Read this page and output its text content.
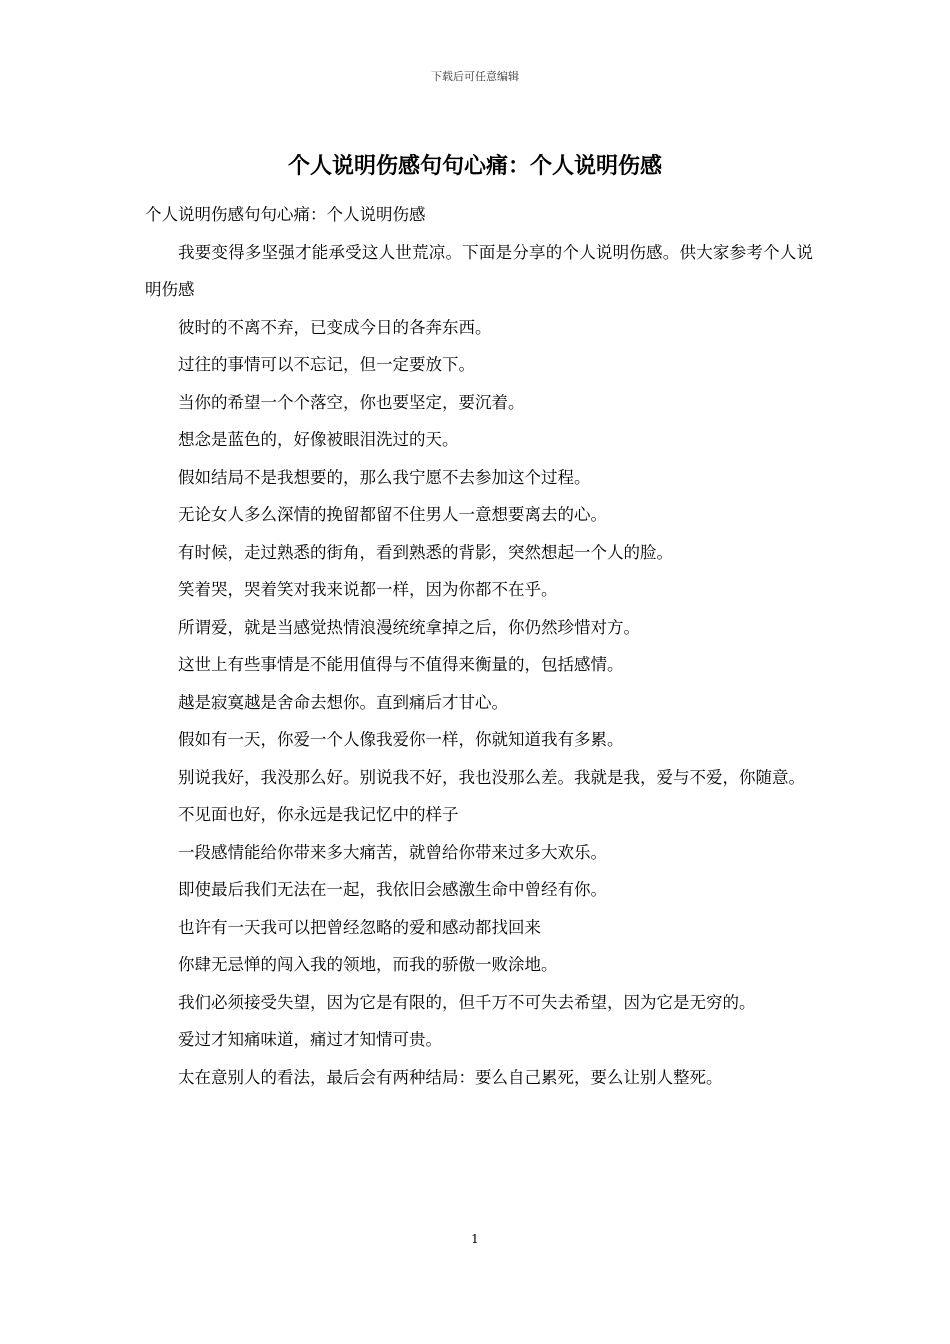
下载后可任意编辑
个人说明伤感句句心痛：个人说明伤感

个人说明伤感句句心痛：个人说明伤感

我要变得多坚强才能承受这人世荒凉。下面是分享的个人说明伤感。供大家参考个人说明伤感

彼时的不离不弃，已变成今日的各奔东西。

过往的事情可以不忘记，但一定要放下。

当你的希望一个个落空，你也要坚定，要沉着。

想念是蓝色的，好像被眼泪洗过的天。

假如结局不是我想要的，那么我宁愿不去参加这个过程。

无论女人多么深情的挽留都留不住男人一意想要离去的心。

有时候，走过熟悉的街角，看到熟悉的背影，突然想起一个人的脸。

笑着哭，哭着笑对我来说都一样，因为你都不在乎。

所谓爱，就是当感觉热情浪漫统统拿掉之后，你仍然珍惜对方。

这世上有些事情是不能用值得与不值得来衡量的，包括感情。

越是寂寞越是舍命去想你。直到痛后才甘心。

假如有一天，你爱一个人像我爱你一样，你就知道我有多累。

别说我好，我没那么好。别说我不好，我也没那么差。我就是我，爱与不爱，你随意。

不见面也好，你永远是我记忆中的样子

一段感情能给你带来多大痛苦，就曾给你带来过多大欢乐。

即使最后我们无法在一起，我依旧会感激生命中曾经有你。

也许有一天我可以把曾经忽略的爱和感动都找回来

你肆无忌惮的闯入我的领地，而我的骄傲一败涂地。

我们必须接受失望，因为它是有限的，但千万不可失去希望，因为它是无穷的。

爱过才知痛味道，痛过才知情可贵。

太在意别人的看法，最后会有两种结局：要么自己累死，要么让别人整死。

1
